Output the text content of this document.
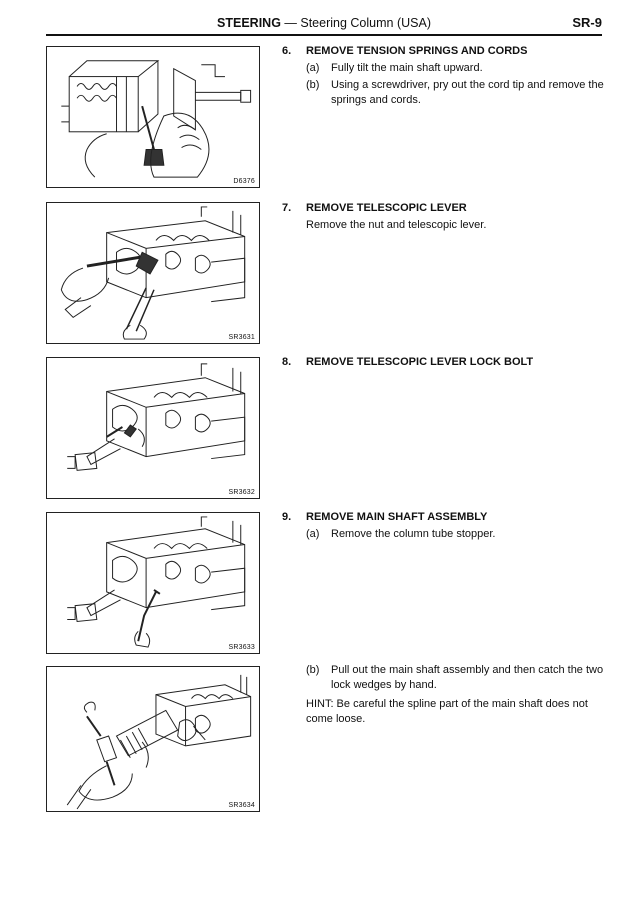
STEERING — Steering Column (USA)	SR-9
D6376
SR3631
SR3632
SR3633
SR3634
6.	REMOVE TENSION SPRINGS AND CORDS
(a)	Fully tilt the main shaft upward.
(b)	Using a screwdriver, pry out the cord tip and remove the springs and cords.
7.	REMOVE TELESCOPIC LEVER
Remove the nut and telescopic lever.
8.	REMOVE TELESCOPIC LEVER LOCK BOLT
9.	REMOVE MAIN SHAFT ASSEMBLY
(a)	Remove the column tube stopper.
(b)	Pull out the main shaft assembly and then catch the two lock wedges by hand.
HINT: Be careful the spline part of the main shaft does not come loose.
